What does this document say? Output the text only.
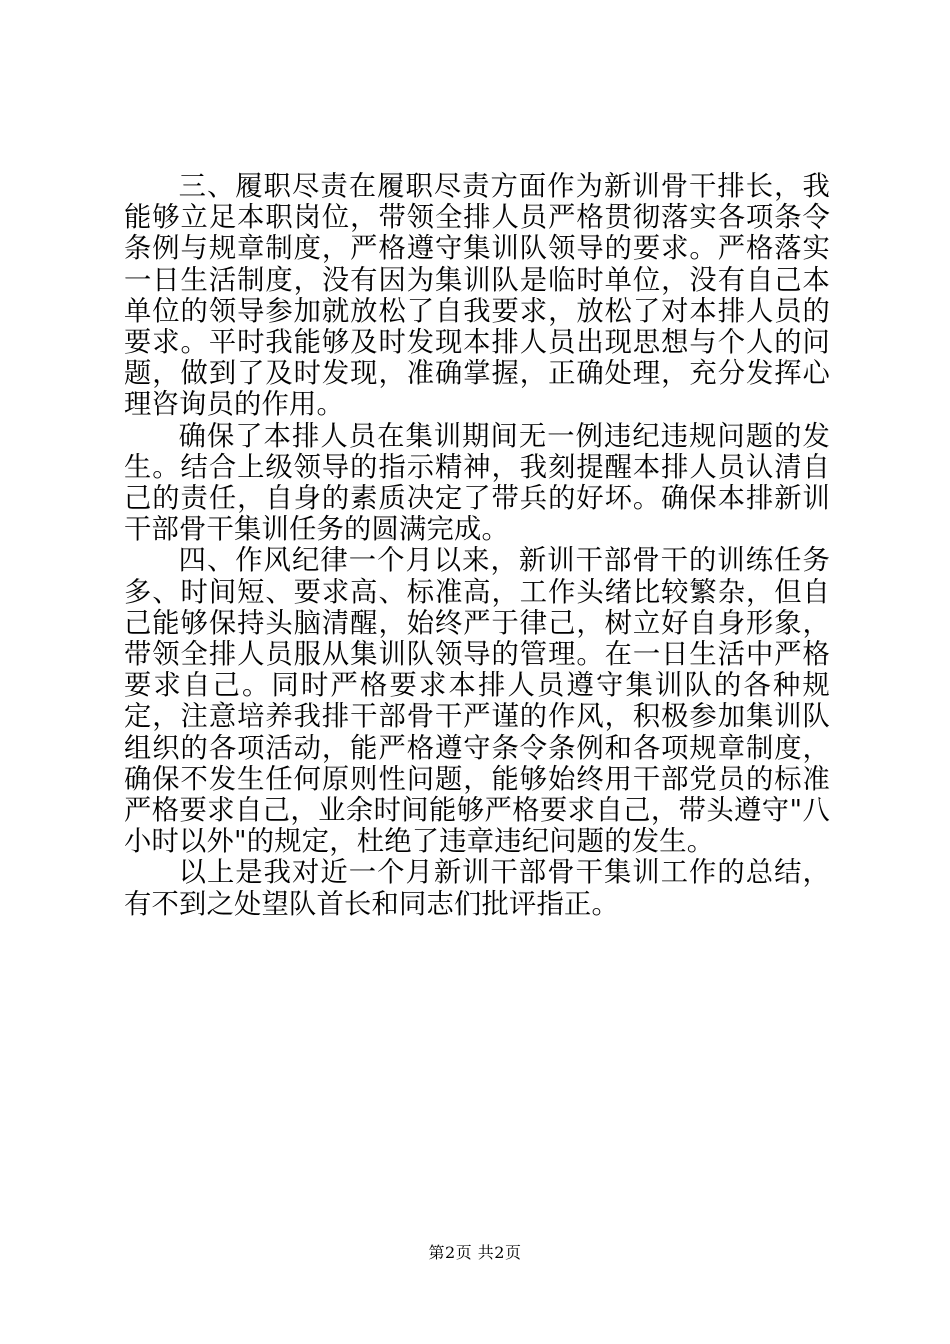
三、履职尽责在履职尽责方面作为新训骨干排长，我能够立足本职岗位，带领全排人员严格贯彻落实各项条令条例与规章制度，严格遵守集训队领导的要求。严格落实一日生活制度，没有因为集训队是临时单位，没有自己本单位的领导参加就放松了自我要求，放松了对本排人员的要求。平时我能够及时发现本排人员出现思想与个人的问题，做到了及时发现，准确掌握，正确处理，充分发挥心理咨询员的作用。

确保了本排人员在集训期间无一例违纪违规问题的发生。结合上级领导的指示精神，我刻提醒本排人员认清自己的责任，自身的素质决定了带兵的好坏。确保本排新训干部骨干集训任务的圆满完成。

四、作风纪律一个月以来，新训干部骨干的训练任务多、时间短、要求高、标准高，工作头绪比较繁杂，但自己能够保持头脑清醒，始终严于律己，树立好自身形象，带领全排人员服从集训队领导的管理。在一日生活中严格要求自己。同时严格要求本排人员遵守集训队的各种规定，注意培养我排干部骨干严谨的作风，积极参加集训队组织的各项活动，能严格遵守条令条例和各项规章制度，确保不发生任何原则性问题，能够始终用干部党员的标准严格要求自己，业余时间能够严格要求自己，带头遵守"八小时以外"的规定，杜绝了违章违纪问题的发生。

以上是我对近一个月新训干部骨干集训工作的总结，有不到之处望队首长和同志们批评指正。

第2页 共2页
